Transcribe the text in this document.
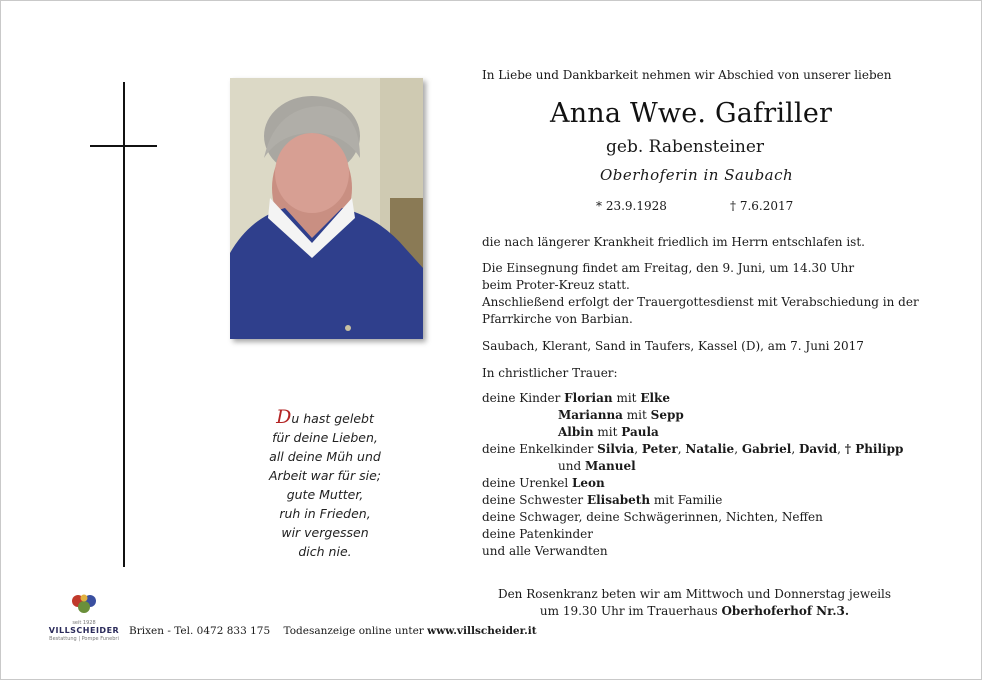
Du hast gelebt
für deine Lieben,
all deine Müh und
Arbeit war für sie;
gute Mutter,
ruh in Frieden,
wir vergessen
dich nie.
In Liebe und Dankbarkeit nehmen wir Abschied von unserer lieben
Anna Wwe. Gafriller
geb. Rabensteiner
Oberhoferin in Saubach
* 23.9.1928	† 7.6.2017
die nach längerer Krankheit friedlich im Herrn entschlafen ist.
Die Einsegnung findet am Freitag, den 9. Juni, um 14.30 Uhr
beim Proter-Kreuz statt.
Anschließend erfolgt der Trauergottesdienst mit Verabschiedung in der
Pfarrkirche von Barbian.
Saubach, Klerant, Sand in Taufers, Kassel (D), am 7. Juni 2017
In christlicher Trauer:
deine Kinder Florian mit Elke
Marianna mit Sepp
Albin mit Paula
deine Enkelkinder Silvia, Peter, Natalie, Gabriel, David, † Philipp
und Manuel
deine Urenkel Leon
deine Schwester Elisabeth mit Familie
deine Schwager, deine Schwägerinnen, Nichten, Neffen
deine Patenkinder
und alle Verwandten
Den Rosenkranz beten wir am Mittwoch und Donnerstag jeweils
um 19.30 Uhr im Trauerhaus Oberhoferhof Nr.3.
seit 1928
VILLSCHEIDER
Bestattung | Pompe Funebri
Brixen - Tel. 0472 833 175 Todesanzeige online unter www.villscheider.it
